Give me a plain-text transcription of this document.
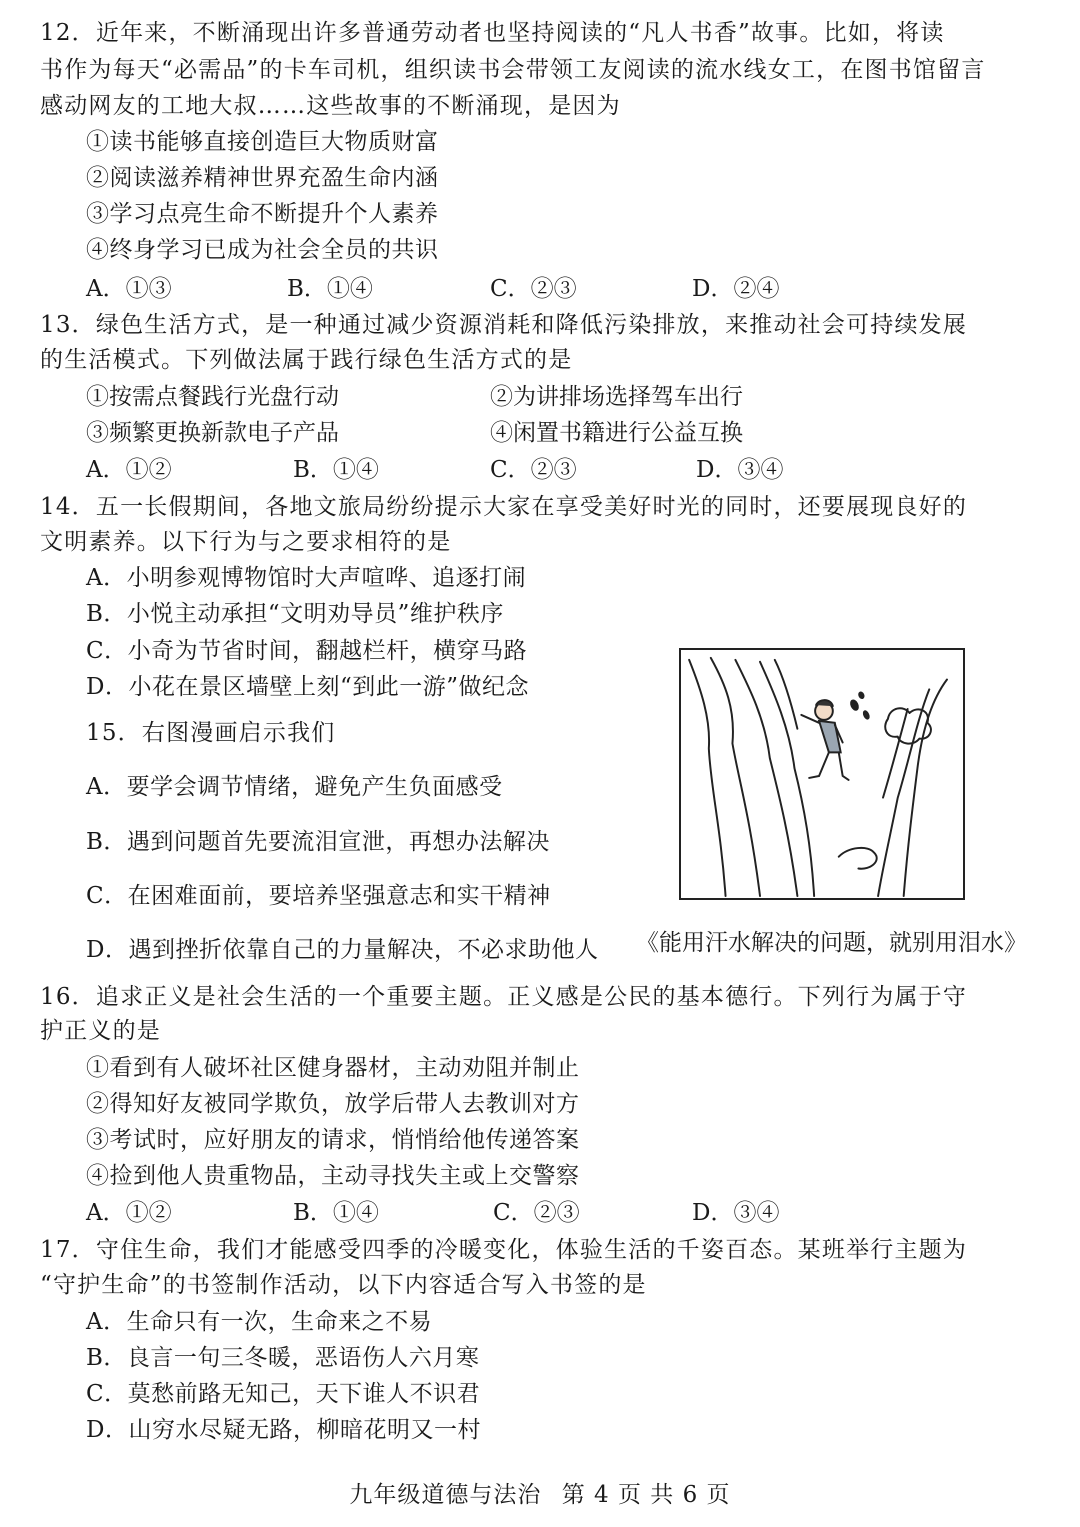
12．近年来，不断涌现出许多普通劳动者也坚持阅读的“凡人书香”故事。比如，将读
书作为每天“必需品”的卡车司机，组织读书会带领工友阅读的流水线女工，在图书馆留言
感动网友的工地大叔……这些故事的不断涌现，是因为
①读书能够直接创造巨大物质财富
②阅读滋养精神世界充盈生命内涵
③学习点亮生命不断提升个人素养
④终身学习已成为社会全员的共识
A．①③	B．①④	C．②③	D．②④
13．绿色生活方式，是一种通过减少资源消耗和降低污染排放，来推动社会可持续发展
的生活模式。下列做法属于践行绿色生活方式的是
①按需点餐践行光盘行动	②为讲排场选择驾车出行
③频繁更换新款电子产品	④闲置书籍进行公益互换
A．①②	B．①④	C．②③	D．③④
14．五一长假期间，各地文旅局纷纷提示大家在享受美好时光的同时，还要展现良好的
文明素养。以下行为与之要求相符的是
A．小明参观博物馆时大声喧哗、追逐打闹
B．小悦主动承担“文明劝导员”维护秩序
C．小奇为节省时间，翻越栏杆，横穿马路
D．小花在景区墙壁上刻“到此一游”做纪念
15．右图漫画启示我们
A．要学会调节情绪，避免产生负面感受
B．遇到问题首先要流泪宣泄，再想办法解决
C．在困难面前，要培养坚强意志和实干精神
D．遇到挫折依靠自己的力量解决，不必求助他人 《能用汗水解决的问题，就别用泪水》
16．追求正义是社会生活的一个重要主题。正义感是公民的基本德行。下列行为属于守
护正义的是
①看到有人破坏社区健身器材，主动劝阻并制止
②得知好友被同学欺负，放学后带人去教训对方
③考试时，应好朋友的请求，悄悄给他传递答案
④捡到他人贵重物品，主动寻找失主或上交警察
A．①②	B．①④	C．②③	D．③④
17．守住生命，我们才能感受四季的冷暖变化，体验生活的千姿百态。某班举行主题为
“守护生命”的书签制作活动，以下内容适合写入书签的是
A．生命只有一次，生命来之不易
B．良言一句三冬暖，恶语伤人六月寒
C．莫愁前路无知己，天下谁人不识君
D．山穷水尽疑无路，柳暗花明又一村
九年级道德与法治 第 4 页 共 6 页
